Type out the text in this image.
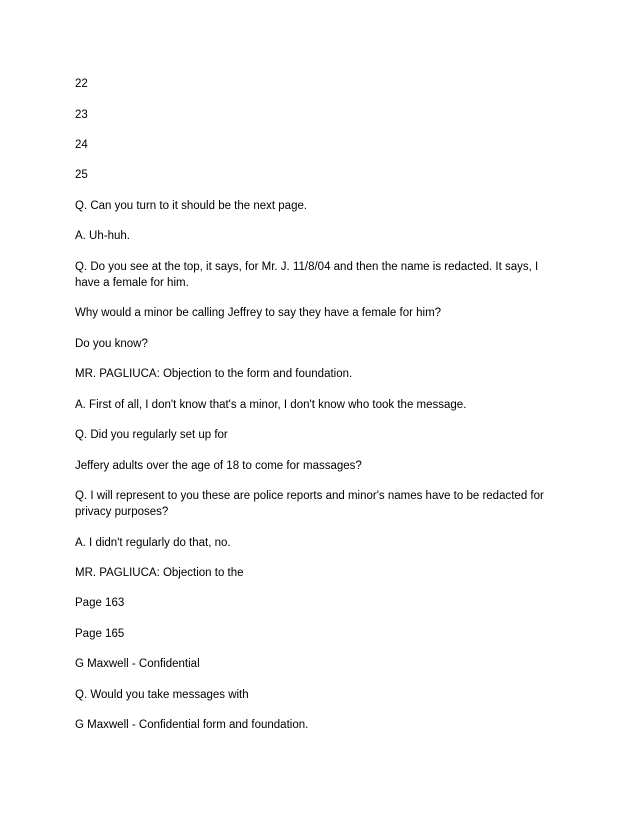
22
23
24
25
Q. Can you turn to it should be the next page.
A. Uh-huh.
Q. Do you see at the top, it says, for Mr. J. 11/8/04 and then the name is redacted. It says, I have a female for him.
Why would a minor be calling Jeffrey to say they have a female for him?
Do you know?
MR. PAGLIUCA: Objection to the form and foundation.
A. First of all, I don't know that's a minor, I don't know who took the message.
Q. Did you regularly set up for
Jeffery adults over the age of 18 to come for massages?
Q. I will represent to you these are police reports and minor's names have to be redacted for privacy purposes?
A. I didn't regularly do that, no.
MR. PAGLIUCA: Objection to the
Page 163
Page 165
G Maxwell - Confidential
Q. Would you take messages with
G Maxwell - Confidential form and foundation.
